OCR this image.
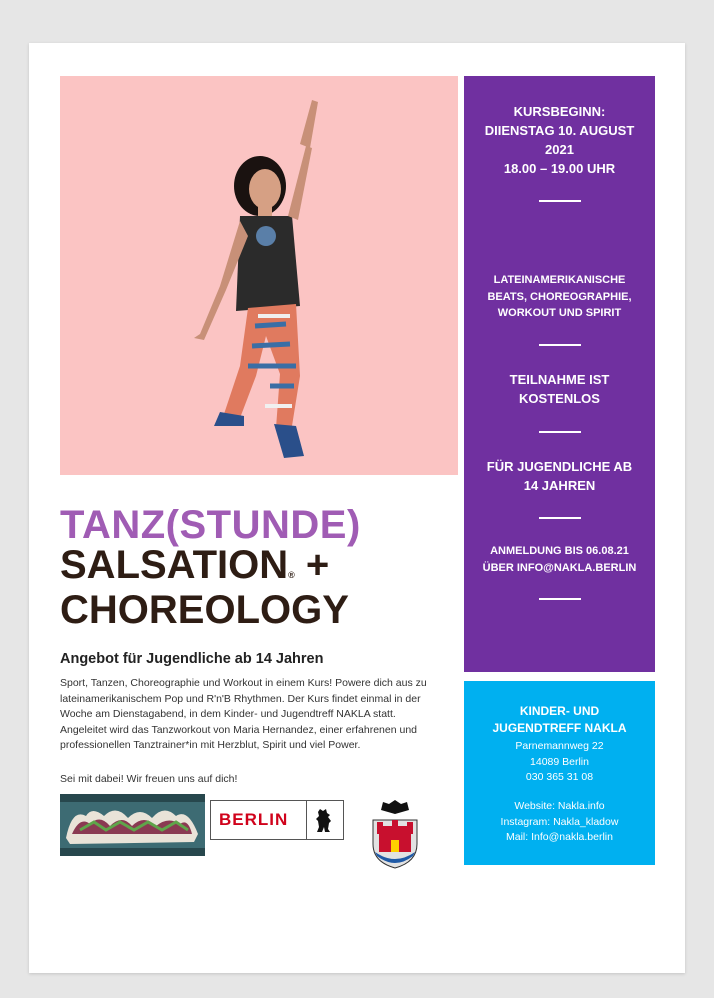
KURSBEGINN:
DIIENSTAG 10. AUGUST
2021
18.00 – 19.00 UHR
LATEINAMERIKANISCHE
BEATS, CHOREOGRAPHIE,
WORKOUT UND SPIRIT
TEILNAHME IST
KOSTENLOS
FÜR JUGENDLICHE AB
14 JAHREN
ANMELDUNG BIS 06.08.21
ÜBER INFO@NAKLA.BERLIN
KINDER- UND
JUGENDTREFF NAKLA
Parnemannweg 22
14089 Berlin
030 365 31 08
Website: Nakla.info
Instagram: Nakla_kladow
Mail: Info@nakla.berlin
TANZ(STUNDE)
SALSATION® +
CHOREOLOGY
Angebot für Jugendliche ab 14 Jahren
Sport, Tanzen, Choreographie und Workout in einem Kurs! Powere dich aus zu
lateinamerikanischem Pop und R'n'B Rhythmen. Der Kurs findet einmal in der
Woche am Dienstagabend, in dem Kinder- und Jugendtreff NAKLA statt.
Angeleitet wird das Tanzworkout von Maria Hernandez, einer erfahrenen und
professionellen Tanztrainer*in mit Herzblut, Spirit und viel Power.
Sei mit dabei! Wir freuen uns auf dich!
BERLIN
